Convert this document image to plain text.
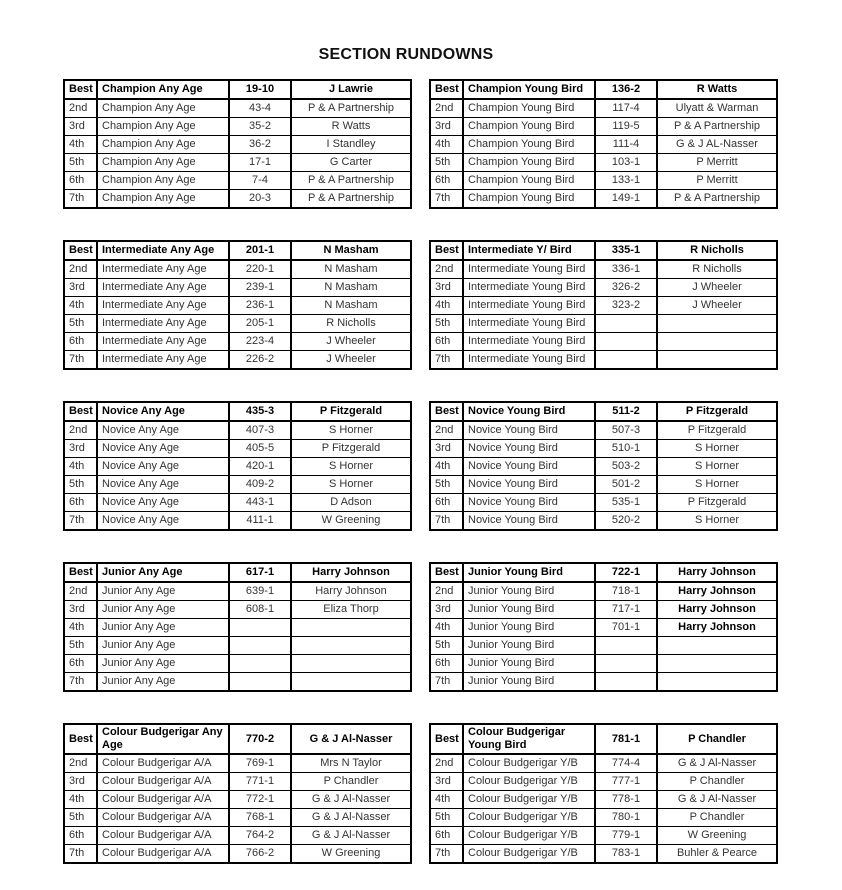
SECTION RUNDOWNS
Best	Champion Any Age	19-10	J Lawrie
2nd	Champion Any Age	43-4	P & A Partnership
3rd	Champion Any Age	35-2	R Watts
4th	Champion Any Age	36-2	I Standley
5th	Champion Any Age	17-1	G Carter
6th	Champion Any Age	7-4	P & A Partnership
7th	Champion Any Age	20-3	P & A Partnership
Best	Champion Young Bird	136-2	R Watts
2nd	Champion Young Bird	117-4	Ulyatt & Warman
3rd	Champion Young Bird	119-5	P & A Partnership
4th	Champion Young Bird	111-4	G & J AL-Nasser
5th	Champion Young Bird	103-1	P Merritt
6th	Champion Young Bird	133-1	P Merritt
7th	Champion Young Bird	149-1	P & A Partnership
Best	Intermediate Any Age	201-1	N Masham
2nd	Intermediate Any Age	220-1	N Masham
3rd	Intermediate Any Age	239-1	N Masham
4th	Intermediate Any Age	236-1	N Masham
5th	Intermediate Any Age	205-1	R Nicholls
6th	Intermediate Any Age	223-4	J Wheeler
7th	Intermediate Any Age	226-2	J Wheeler
Best	Intermediate Y/ Bird	335-1	R Nicholls
2nd	Intermediate Young Bird	336-1	R Nicholls
3rd	Intermediate Young Bird	326-2	J Wheeler
4th	Intermediate Young Bird	323-2	J Wheeler
5th	Intermediate Young Bird		
6th	Intermediate Young Bird		
7th	Intermediate Young Bird		
Best	Novice Any Age	435-3	P Fitzgerald
2nd	Novice Any Age	407-3	S Horner
3rd	Novice Any Age	405-5	P Fitzgerald
4th	Novice Any Age	420-1	S Horner
5th	Novice Any Age	409-2	S Horner
6th	Novice Any Age	443-1	D Adson
7th	Novice Any Age	411-1	W Greening
Best	Novice Young Bird	511-2	P Fitzgerald
2nd	Novice Young Bird	507-3	P Fitzgerald
3rd	Novice Young Bird	510-1	S Horner
4th	Novice Young Bird	503-2	S Horner
5th	Novice Young Bird	501-2	S Horner
6th	Novice Young Bird	535-1	P Fitzgerald
7th	Novice Young Bird	520-2	S Horner
Best	Junior Any Age	617-1	Harry Johnson
2nd	Junior Any Age	639-1	Harry Johnson
3rd	Junior Any Age	608-1	Eliza Thorp
4th	Junior Any Age		
5th	Junior Any Age		
6th	Junior Any Age		
7th	Junior Any Age		
Best	Junior Young Bird	722-1	Harry Johnson
2nd	Junior Young Bird	718-1	Harry Johnson
3rd	Junior Young Bird	717-1	Harry Johnson
4th	Junior Young Bird	701-1	Harry Johnson
5th	Junior Young Bird		
6th	Junior Young Bird		
7th	Junior Young Bird		
Best	Colour Budgerigar Any Age	770-2	G & J Al-Nasser
2nd	Colour Budgerigar A/A	769-1	Mrs N Taylor
3rd	Colour Budgerigar A/A	771-1	P Chandler
4th	Colour Budgerigar A/A	772-1	G & J Al-Nasser
5th	Colour Budgerigar A/A	768-1	G & J Al-Nasser
6th	Colour Budgerigar A/A	764-2	G & J Al-Nasser
7th	Colour Budgerigar A/A	766-2	W Greening
Best	Colour Budgerigar Young Bird	781-1	P Chandler
2nd	Colour Budgerigar Y/B	774-4	G & J Al-Nasser
3rd	Colour Budgerigar Y/B	777-1	P Chandler
4th	Colour Budgerigar Y/B	778-1	G & J Al-Nasser
5th	Colour Budgerigar Y/B	780-1	P Chandler
6th	Colour Budgerigar Y/B	779-1	W Greening
7th	Colour Budgerigar Y/B	783-1	Buhler & Pearce
